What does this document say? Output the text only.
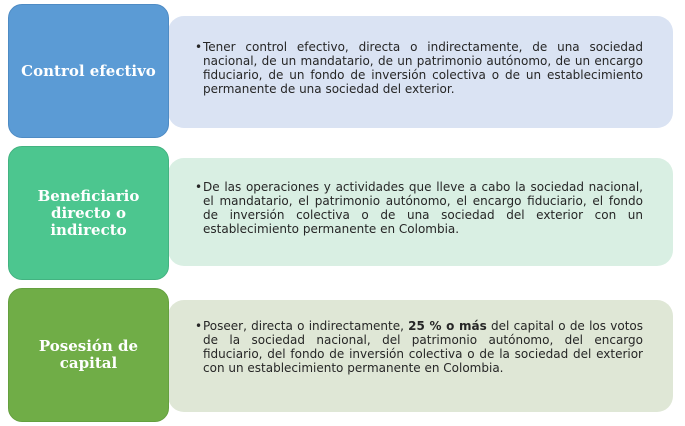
• Tener control efectivo, directa o indirectamente, de una sociedad nacional, de un mandatario, de un patrimonio autónomo, de un encargo fiduciario, de un fondo de inversión colectiva o de un establecimiento permanente de una sociedad del exterior.
Control efectivo
• De las operaciones y actividades que lleve a cabo la sociedad nacional, el mandatario, el patrimonio autónomo, el encargo fiduciario, el fondo de inversión colectiva o de una sociedad del exterior con un establecimiento permanente en Colombia.
Beneficiario directo o indirecto
• Poseer, directa o indirectamente, 25 % o más del capital o de los votos de la sociedad nacional, del patrimonio autónomo, del encargo fiduciario, del fondo de inversión colectiva o de la sociedad del exterior con un establecimiento permanente en Colombia.
Posesión de capital
